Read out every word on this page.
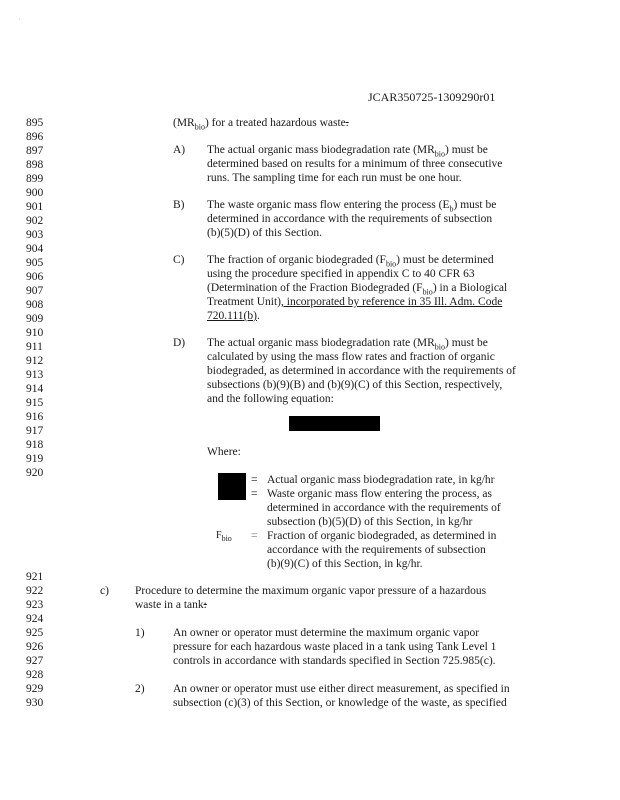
·
JCAR350725-1309290r01
895
896
897
898
899
900
901
902
903
904
905
906
907
908
909
910
911
912
913
914
915
916
917
918
919
920
921
922
923
924
925
926
927
928
929
930
$(MR_{bio})$ for a treated hazardous waste.
A) The actual organic mass biodegradation rate $(MR_{bio})$ must be
determined based on results for a minimum of three consecutive
runs. The sampling time for each run must be one hour.
B) The waste organic mass flow entering the process $(E_b)$ must be
determined in accordance with the requirements of subsection
(b)(5)(D) of this Section.
C) The fraction of organic biodegraded $(F_{bio})$ must be determined
using the procedure specified in appendix C to 40 CFR 63
(Determination of the Fraction Biodegraded $(F_{bio})$ in a Biological
Treatment Unit), incorporated by reference in 35 Ill. Adm. Code
720.111(b).
D) The actual organic mass biodegradation rate $(MR_{bio})$ must be
calculated by using the mass flow rates and fraction of organic
biodegraded, as determined in accordance with the requirements of
subsections (b)(9)(B) and (b)(9)(C) of this Section, respectively,
and the following equation:
Where:
= Actual organic mass biodegradation rate, in kg/hr
= Waste organic mass flow entering the process, as
determined in accordance with the requirements of
subsection (b)(5)(D) of this Section, in kg/hr
$F_{bio}$ = Fraction of organic biodegraded, as determined in
accordance with the requirements of subsection
(b)(9)(C) of this Section, in kg/hr.
c) Procedure to determine the maximum organic vapor pressure of a hazardous
waste in a tank:
1) An owner or operator must determine the maximum organic vapor
pressure for each hazardous waste placed in a tank using Tank Level 1
controls in accordance with standards specified in Section 725.985(c).
2) An owner or operator must use either direct measurement, as specified in
subsection (c)(3) of this Section, or knowledge of the waste, as specified
